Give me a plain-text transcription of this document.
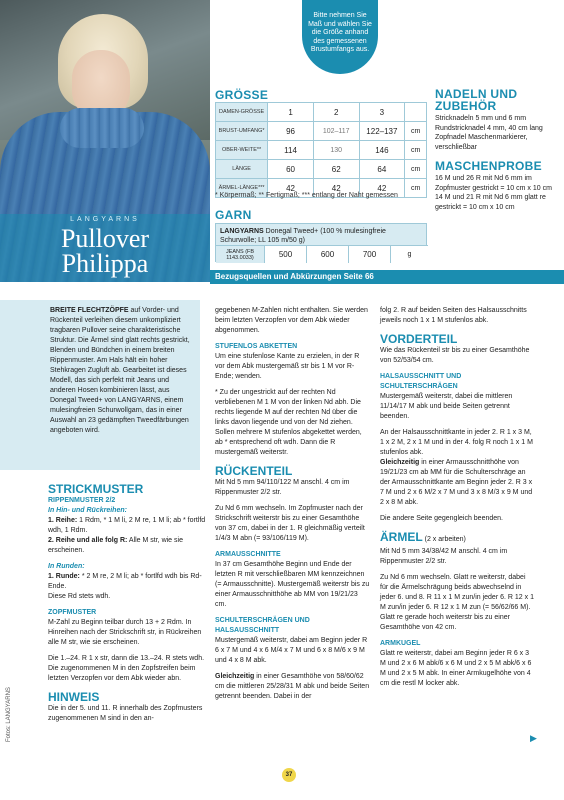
LANGYARNS
Pullover
Philippa
Bitte nehmen Sie Maß und wählen Sie die Größe anhand des gemessenen Brustumfangs aus.
GRÖSSE
DAMEN-GRÖSSE	1	2	3	
BRUST-UMFANG*	96	102–117	122–137	cm
OBER-WEITE**	114	130	146	cm
LÄNGE	60	62	64	cm
ÄRMEL-LÄNGE***	42	42	42	cm
* Körpermaß; ** Fertigmaß; *** entlang der Naht gemessen
GARN
LANGYARNS Donegal Tweed+ (100 % mulesingfreie Schurwolle; LL 105 m/50 g)
JEANS (FB 1143.0033)	500	600	700	g
NADELN UND ZUBEHÖR

Stricknadeln 5 mm und 6 mm Rundstricknadel 4 mm, 40 cm lang Zopfnadel Maschenmarkierer, verschließbar

MASCHENPROBE

16 M und 26 R mit Nd 6 mm im Zopfmuster gestrickt = 10 cm x 10 cm 14 M und 21 R mit Nd 6 mm glatt re gestrickt = 10 cm x 10 cm

Bezugsquellen und Abkürzungen Seite 66
BREITE FLECHTZÖPFE auf Vorder- und Rückenteil verleihen diesem unkompliziert tragbaren Pullover seine charakteristische Struktur. Die Ärmel sind glatt rechts gestrickt, Blenden und Bündchen in einem breiten Rippenmuster. Am Hals hält ein hoher Stehkragen Zugluft ab. Gearbeitet ist dieses Modell, das sich perfekt mit Jeans und anderen Hosen kombinieren lässt, aus Donegal Tweed+ von LANGYARNS, einem mulesingfreien Schurwollgarn, das in einer Auswahl an 23 gedämpften Tweedfärbungen angeboten wird.
STRICKMUSTER
RIPPENMUSTER 2/2
In Hin- und Rückreihen:

1. Reihe: 1 Rdm, * 1 M li, 2 M re, 1 M li; ab * fortlfd wdh, 1 Rdm.
2. Reihe und alle folg R: Alle M str, wie sie erscheinen.

In Runden:

1. Runde: * 2 M re, 2 M li; ab * fortlfd wdh bis Rd-Ende.
Diese Rd stets wdh.

ZOPFMUSTER

M-Zahl zu Beginn teilbar durch 13 + 2 Rdm. In Hinreihen nach der Strickschrift str, in Rückreihen alle M str, wie sie erscheinen.

Die 1.–24. R 1 x str, dann die 13.–24. R stets wdh. Die zugenommenen M in den Zopfstreifen beim letzten Verzopfen vor dem Abk wieder abn.

HINWEIS

Die in der 5. und 11. R innerhalb des Zopfmusters zugenommenen M sind in den an-

gegebenen M-Zahlen nicht enthalten. Sie werden beim letzten Verzopfen vor dem Abk wieder abgenommen.

STUFENLOS ABKETTEN

Um eine stufenlose Kante zu erzielen, in der R vor dem Abk mustergemäß str bis 1 M vor R-Ende; wenden.

* Zu der ungestrickt auf der rechten Nd verbliebenen M 1 M von der linken Nd abh. Die rechts liegende M auf der rechten Nd über die links davon liegende und von der Nd ziehen. Sollen mehrere M stufenlos abgekettet werden, ab * entsprechend oft wdh. Dann die R mustergemäß weiterstr.

RÜCKENTEIL

Mit Nd 5 mm 94/110/122 M anschl. 4 cm im Rippenmuster 2/2 str.

Zu Nd 6 mm wechseln. Im Zopfmuster nach der Strickschrift weiterstr bis zu einer Gesamthöhe von 37 cm, dabei in der 1. R gleichmäßig verteilt 1/4/3 M abn (= 93/106/119 M).

ARMAUSSCHNITTE

In 37 cm Gesamthöhe Beginn und Ende der letzten R mit verschließbaren MM kennzeichnen (= Armausschnitte). Mustergemäß weiterstr bis zu einer Armausschnitthöhe ab MM von 19/21/23 cm.

SCHULTERSCHRÄGEN UND HALSAUSSCHNITT

Mustergemäß weiterstr, dabei am Beginn jeder R 6 x 7 M und 4 x 6 M/4 x 7 M und 6 x 8 M/6 x 9 M und 4 x 8 M abk.

Gleichzeitig in einer Gesamthöhe von 58/60/62 cm die mittleren 25/28/31 M abk und beide Seiten getrennt beenden. Dabei in der

folg 2. R auf beiden Seiten des Halsausschnitts jeweils noch 1 x 1 M stufenlos abk.

VORDERTEIL

Wie das Rückenteil str bis zu einer Gesamthöhe von 52/53/54 cm.

HALSAUSSCHNITT UND SCHULTERSCHRÄGEN

Mustergemäß weiterstr, dabei die mittleren 11/14/17 M abk und beide Seiten getrennt beenden.

An der Halsausschnittkante in jeder 2. R 1 x 3 M, 1 x 2 M, 2 x 1 M und in der 4. folg R noch 1 x 1 M stufenlos abk.
Gleichzeitig in einer Armausschnitthöhe von 19/21/23 cm ab MM für die Schulterschräge an der Armausschnittkante am Beginn jeder 2. R 3 x 7 M und 2 x 6 M/2 x 7 M und 3 x 8 M/3 x 9 M und 2 x 8 M abk.

Die andere Seite gegengleich beenden.

ÄRMEL (2 x arbeiten)

Mit Nd 5 mm 34/38/42 M anschl. 4 cm im Rippenmuster 2/2 str.

Zu Nd 6 mm wechseln. Glatt re weiterstr, dabei für die Ärmelschrägung beids abwechselnd in jeder 6. und 8. R 11 x 1 M zun/in jeder 6. R 12 x 1 M zun/in jeder 6. R 12 x 1 M zun (= 56/62/66 M). Glatt re gerade hoch weiterstr bis zu einer Gesamthöhe von 42 cm.

ARMKUGEL

Glatt re weiterstr, dabei am Beginn jeder R 6 x 3 M und 2 x 6 M abk/6 x 6 M und 2 x 5 M abk/6 x 6 M und 2 x 5 M abk. In einer Armkugelhöhe von 4 cm die restl M locker abk.

Fotos: LANGYARNS
37
▶
